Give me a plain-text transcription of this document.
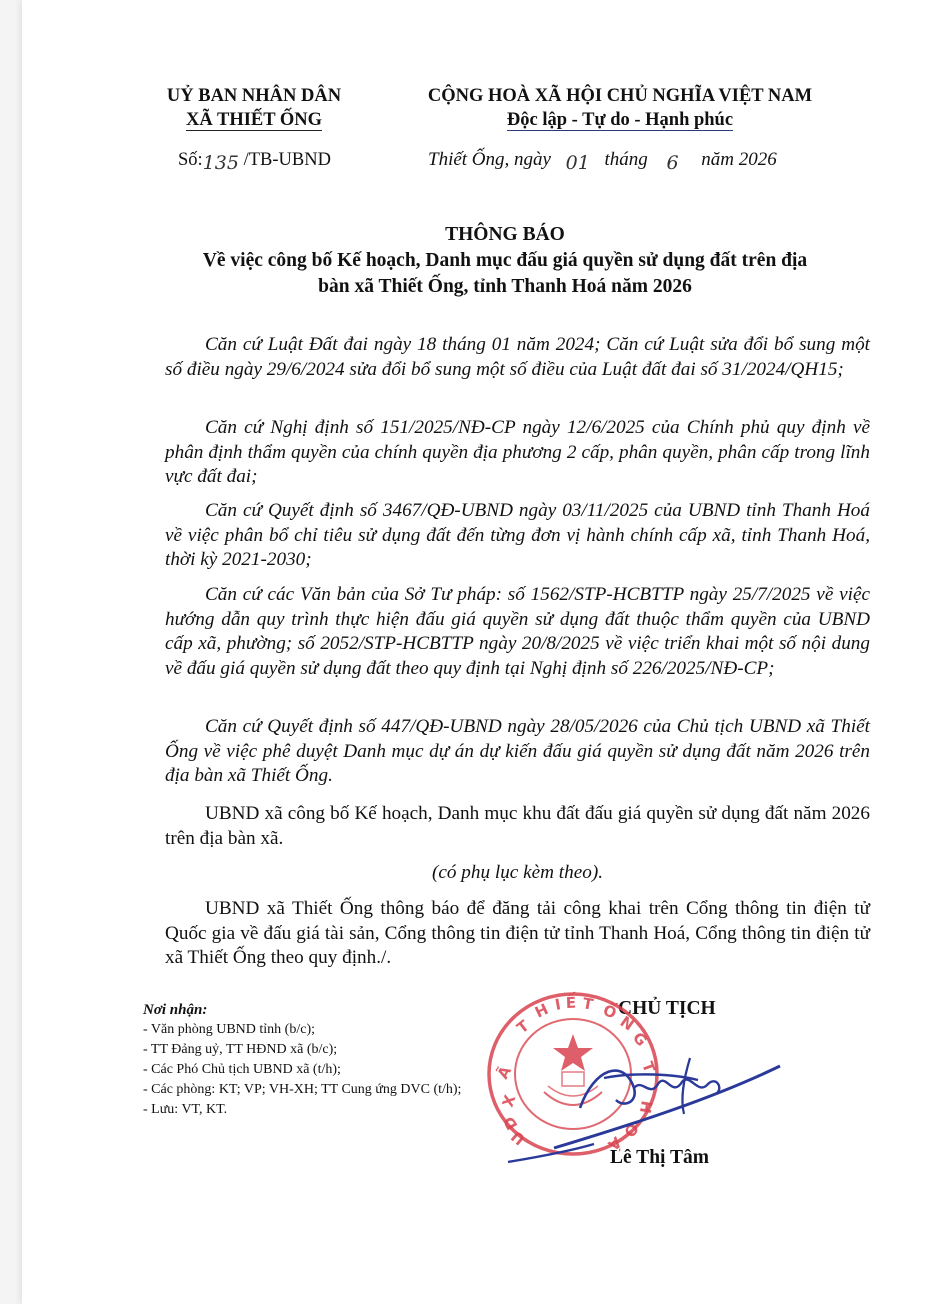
UỶ BAN NHÂN DÂN
XÃ THIẾT ỐNG
CỘNG HOÀ XÃ HỘI CHỦ NGHĨA VIỆT NAM
Độc lập - Tự do - Hạnh phúc
Số:135 /TB-UBND	Thiết Ống, ngày 01 tháng 6 năm 2026
THÔNG BÁO
Về việc công bố Kế hoạch, Danh mục đấu giá quyền sử dụng đất trên địa
bàn xã Thiết Ống, tỉnh Thanh Hoá năm 2026

Căn cứ Luật Đất đai ngày 18 tháng 01 năm 2024; Căn cứ Luật sửa đổi bổ sung một số điều ngày 29/6/2024 sửa đổi bổ sung một số điều của Luật đất đai số 31/2024/QH15;

Căn cứ Nghị định số 151/2025/NĐ-CP ngày 12/6/2025 của Chính phủ quy định về phân định thẩm quyền của chính quyền địa phương 2 cấp, phân quyền, phân cấp trong lĩnh vực đất đai;

Căn cứ Quyết định số 3467/QĐ-UBND ngày 03/11/2025 của UBND tỉnh Thanh Hoá về việc phân bổ chỉ tiêu sử dụng đất đến từng đơn vị hành chính cấp xã, tỉnh Thanh Hoá, thời kỳ 2021-2030;

Căn cứ các Văn bản của Sở Tư pháp: số 1562/STP-HCBTTP ngày 25/7/2025 về việc hướng dẫn quy trình thực hiện đấu giá quyền sử dụng đất thuộc thẩm quyền của UBND cấp xã, phường; số 2052/STP-HCBTTP ngày 20/8/2025 về việc triển khai một số nội dung về đấu giá quyền sử dụng đất theo quy định tại Nghị định số 226/2025/NĐ-CP;

Căn cứ Quyết định số 447/QĐ-UBND ngày 28/05/2026 của Chủ tịch UBND xã Thiết Ống về việc phê duyệt Danh mục dự án dự kiến đấu giá quyền sử dụng đất năm 2026 trên địa bàn xã Thiết Ống.

UBND xã công bố Kế hoạch, Danh mục khu đất đấu giá quyền sử dụng đất năm 2026 trên địa bàn xã.

(có phụ lục kèm theo).

UBND xã Thiết Ống thông báo để đăng tải công khai trên Cổng thông tin điện tử Quốc gia về đấu giá tài sản, Cổng thông tin điện tử tỉnh Thanh Hoá, Cổng thông tin điện tử xã Thiết Ống theo quy định./.

Nơi nhận:
- Văn phòng UBND tỉnh (b/c);
- TT Đảng uỷ, TT HĐND xã (b/c);
- Các Phó Chủ tịch UBND xã (t/h);
- Các phòng: KT; VP; VH-XH; TT Cung ứng DVC (t/h);
- Lưu: VT, KT.
CHỦ TỊCH
X
Ã
T
H I Ế T Ố
N
G
T
H
O
Á
U
D
Lê Thị Tâm
